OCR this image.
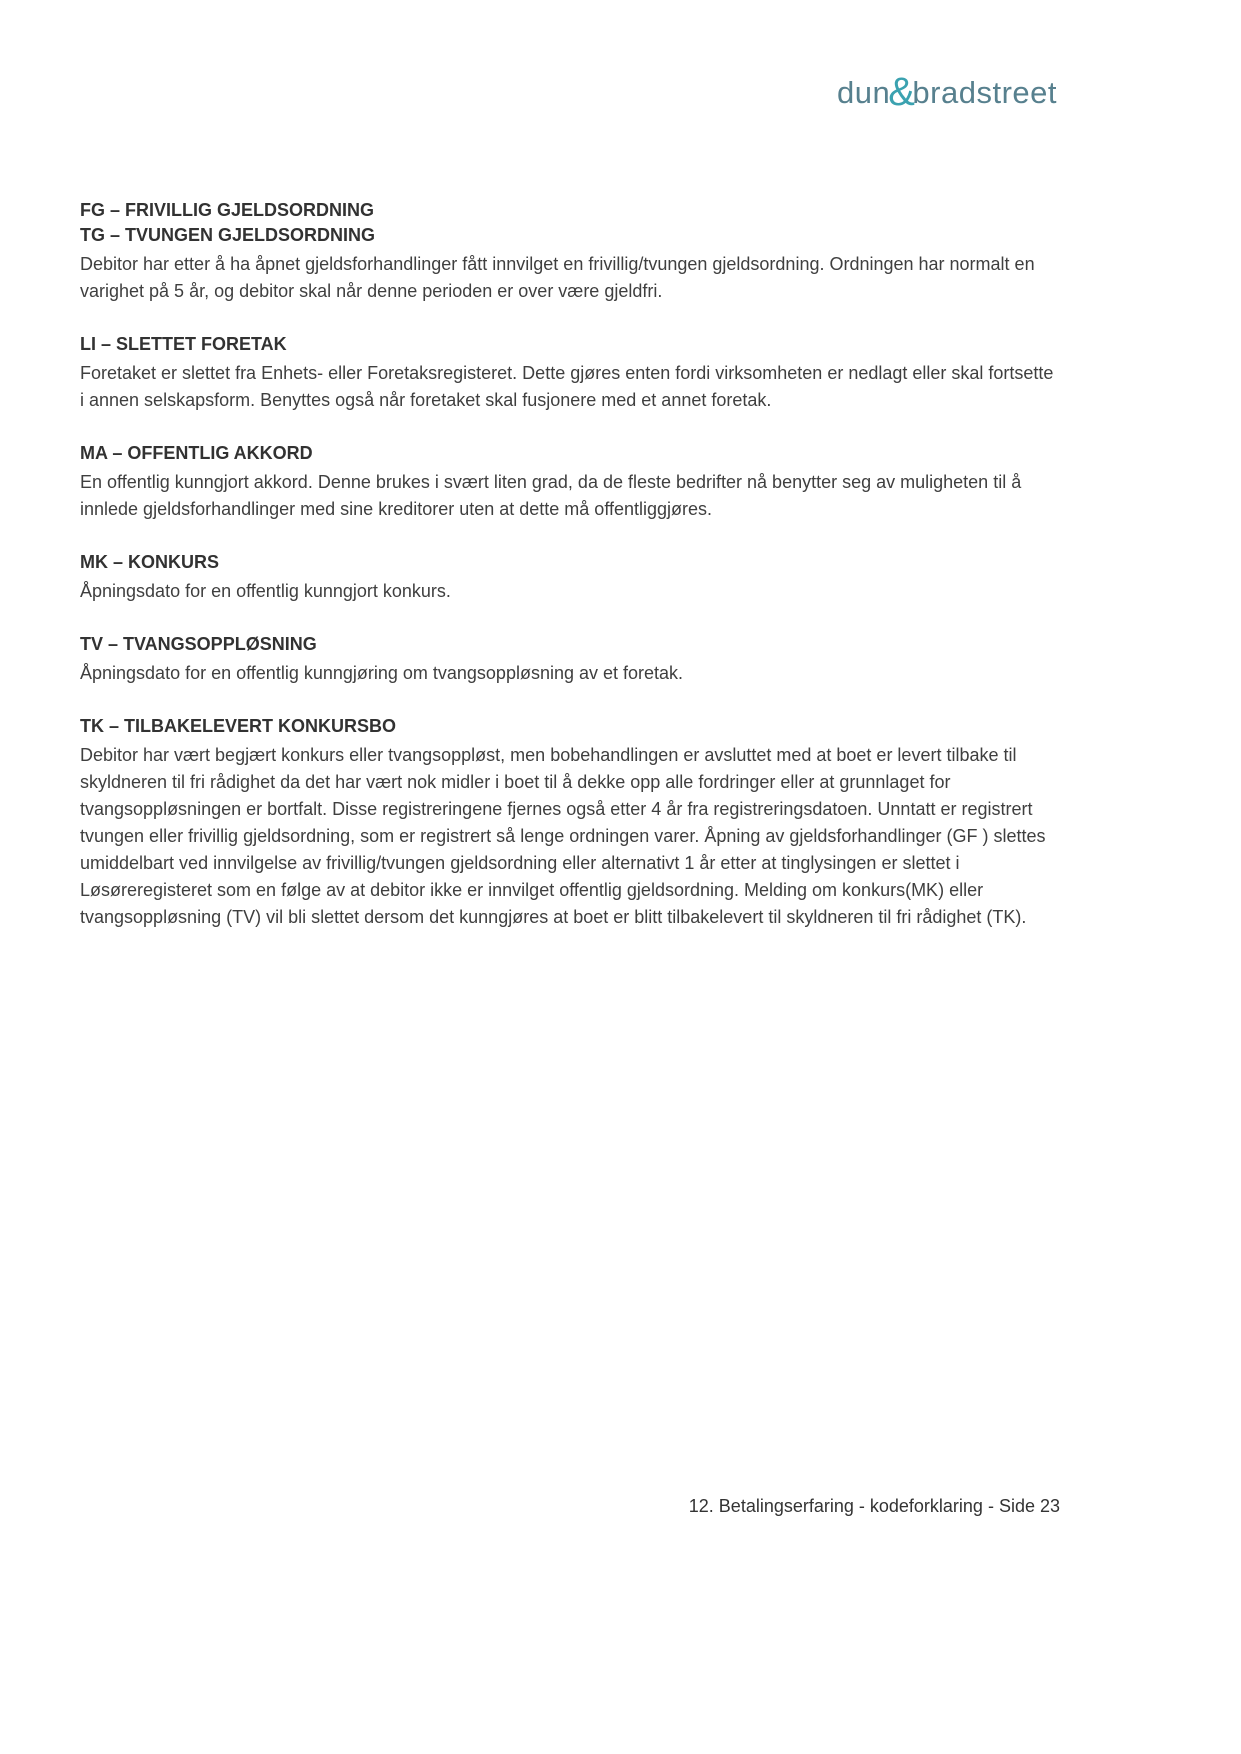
dun
&
bradstreet
FG – FRIVILLIG GJELDSORDNING
TG – TVUNGEN GJELDSORDNING
Debitor har etter å ha åpnet gjeldsforhandlinger fått innvilget en frivillig/tvungen gjeldsordning. Ordningen har normalt en varighet på 5 år, og debitor skal når denne perioden er over være gjeldfri.
LI – SLETTET FORETAK
Foretaket er slettet fra Enhets- eller Foretaksregisteret. Dette gjøres enten fordi virksomheten er nedlagt eller skal fortsette i annen selskapsform. Benyttes også når foretaket skal fusjonere med et annet foretak.
MA – OFFENTLIG AKKORD
En offentlig kunngjort akkord. Denne brukes i svært liten grad, da de fleste bedrifter nå benytter seg av muligheten til å innlede gjeldsforhandlinger med sine kreditorer uten at dette må offentliggjøres.
MK – KONKURS
Åpningsdato for en offentlig kunngjort konkurs.
TV – TVANGSOPPLØSNING
Åpningsdato for en offentlig kunngjøring om tvangsoppløsning av et foretak.
TK – TILBAKELEVERT KONKURSBO
Debitor har vært begjært konkurs eller tvangsoppløst, men bobehandlingen er avsluttet med at boet er levert tilbake til skyldneren til fri rådighet da det har vært nok midler i boet til å dekke opp alle fordringer eller at grunnlaget for tvangsoppløsningen er bortfalt. Disse registreringene fjernes også etter 4 år fra registreringsdatoen. Unntatt er registrert tvungen eller frivillig gjeldsordning, som er registrert så lenge ordningen varer. Åpning av gjeldsforhandlinger (GF ) slettes umiddelbart ved innvilgelse av frivillig/tvungen gjeldsordning eller alternativt 1 år etter at tinglysingen er slettet i Løsøreregisteret som en følge av at debitor ikke er innvilget offentlig gjeldsordning. Melding om konkurs(MK) eller tvangsoppløsning (TV) vil bli slettet dersom det kunngjøres at boet er blitt tilbakelevert til skyldneren til fri rådighet (TK).
12. Betalingserfaring - kodeforklaring - Side 23
